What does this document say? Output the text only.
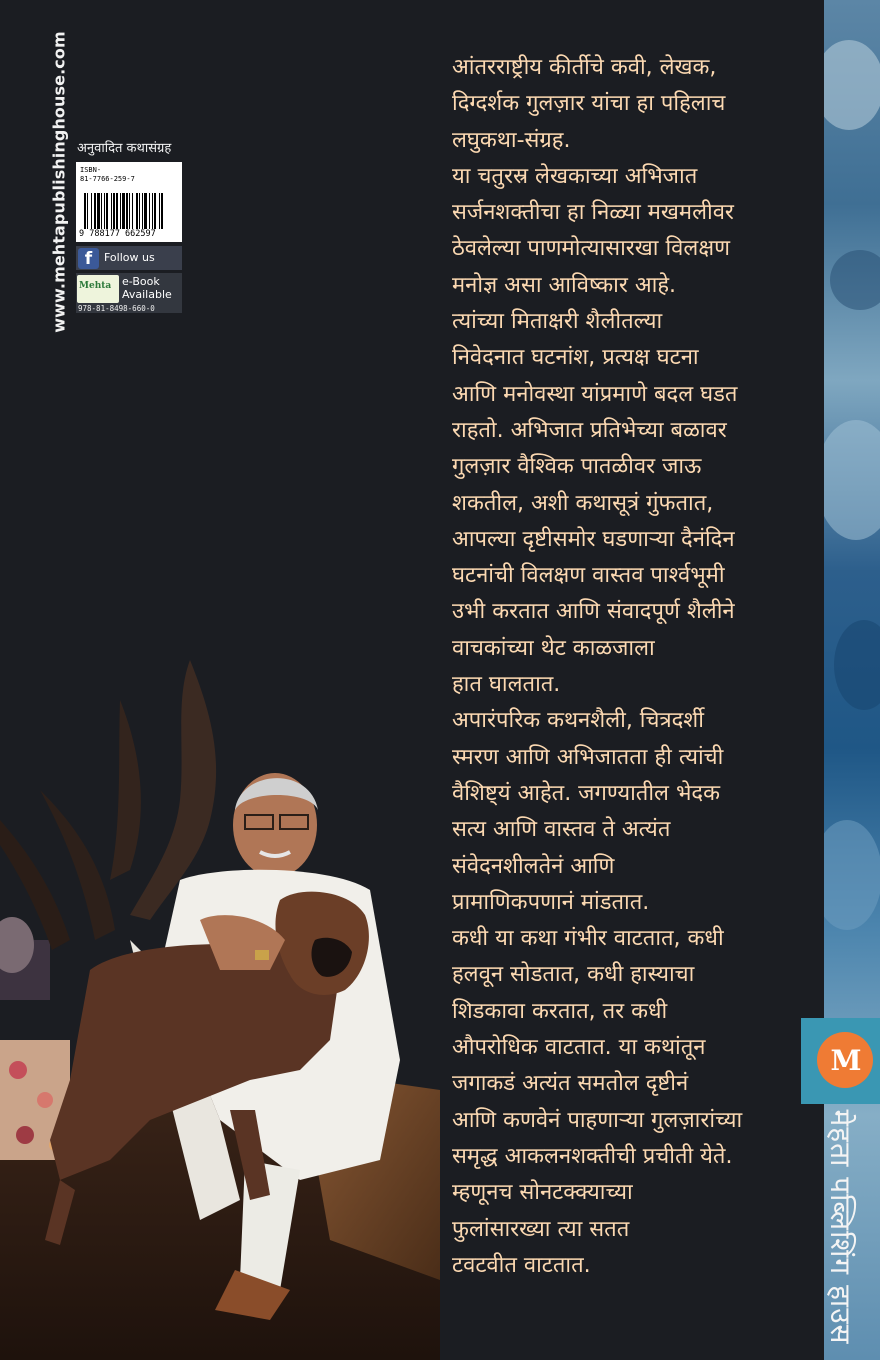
www.mehtapublishinghouse.com अनुवादित कथासंग्रह
ISBN-
81-7766-259-7
9 788177 662597
f	Follow us
Mehta e-Book
Available
978-81-8498-660-0
आंतरराष्ट्रीय कीर्तीचे कवी, लेखक,
दिग्दर्शक गुलज़ार यांचा हा पहिलाच
लघुकथा-संग्रह.
या चतुरस्र लेखकाच्या अभिजात
सर्जनशक्तीचा हा निळ्या मखमलीवर
ठेवलेल्या पाणमोत्यासारखा विलक्षण
मनोज्ञ असा आविष्कार आहे.
त्यांच्या मिताक्षरी शैलीतल्या
निवेदनात घटनांश, प्रत्यक्ष घटना
आणि मनोवस्था यांप्रमाणे बदल घडत
राहतो. अभिजात प्रतिभेच्या बळावर
गुलज़ार वैश्विक पातळीवर जाऊ
शकतील, अशी कथासूत्रं गुंफतात,
आपल्या दृष्टीसमोर घडणाऱ्या दैनंदिन
घटनांची विलक्षण वास्तव पार्श्वभूमी
उभी करतात आणि संवादपूर्ण शैलीने
वाचकांच्या थेट काळजाला
हात घालतात.
अपारंपरिक कथनशैली, चित्रदर्शी
स्मरण आणि अभिजातता ही त्यांची
वैशिष्ट्यं आहेत. जगण्यातील भेदक
सत्य आणि वास्तव ते अत्यंत
संवेदनशीलतेनं आणि
प्रामाणिकपणानं मांडतात.
कधी या कथा गंभीर वाटतात, कधी
हलवून सोडतात, कधी हास्याचा
शिडकावा करतात, तर कधी
औपरोधिक वाटतात. या कथांतून
जगाकडं अत्यंत समतोल दृष्टीनं
आणि कणवेनं पाहणाऱ्या गुलज़ारांच्या
समृद्ध आकलनशक्तीची प्रचीती येते.
म्हणूनच सोनटक्क्याच्या
फुलांसारख्या त्या सतत
टवटवीत वाटतात.
M
मेहता पब्लिशिंग हाउस
